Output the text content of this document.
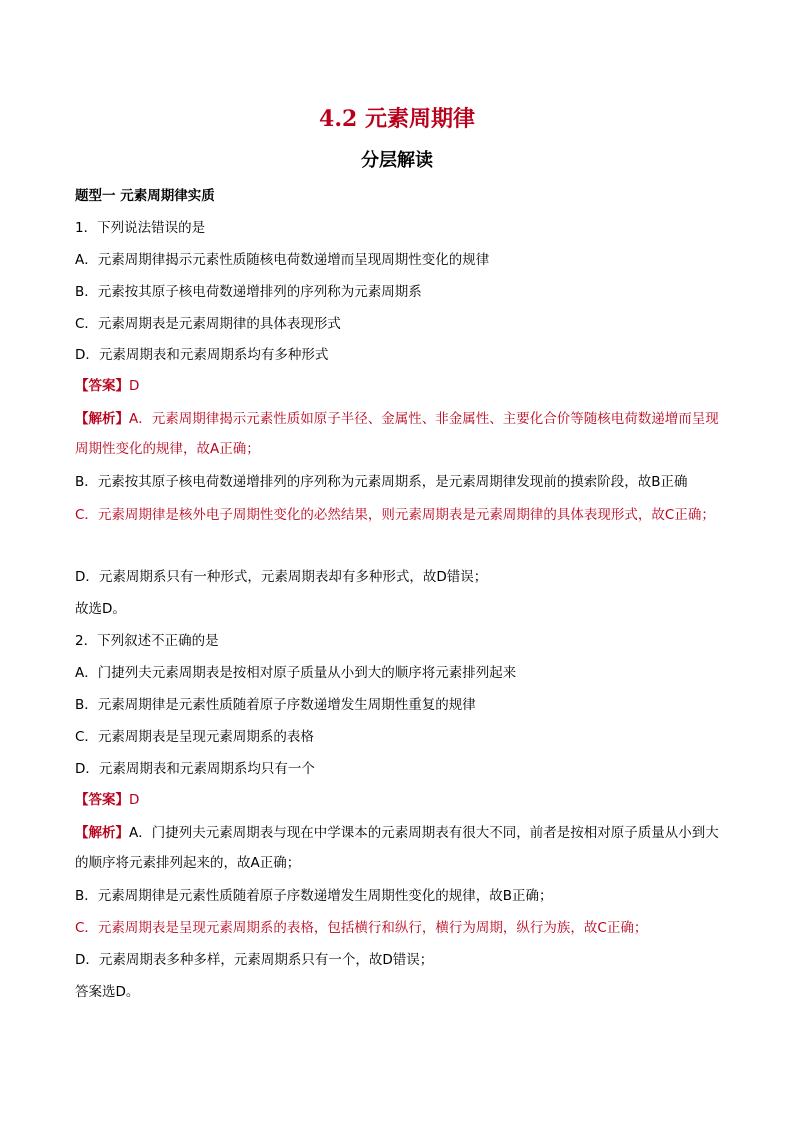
4.2 元素周期律
分层解读
题型一 元素周期律实质
1．下列说法错误的是
A．元素周期律揭示元素性质随核电荷数递增而呈现周期性变化的规律
B．元素按其原子核电荷数递增排列的序列称为元素周期系
C．元素周期表是元素周期律的具体表现形式
D．元素周期表和元素周期系均有多种形式
【答案】D
【解析】A．元素周期律揭示元素性质如原子半径、金属性、非金属性、主要化合价等随核电荷数递增而呈现周期性变化的规律，故A正确；
B．元素按其原子核电荷数递增排列的序列称为元素周期系，是元素周期律发现前的摸索阶段，故B正确
C．元素周期律是核外电子周期性变化的必然结果，则元素周期表是元素周期律的具体表现形式，故C正确；
D．元素周期系只有一种形式，元素周期表却有多种形式，故D错误；
故选D。
2．下列叙述不正确的是
A．门捷列夫元素周期表是按相对原子质量从小到大的顺序将元素排列起来
B．元素周期律是元素性质随着原子序数递增发生周期性重复的规律
C．元素周期表是呈现元素周期系的表格
D．元素周期表和元素周期系均只有一个
【答案】D
【解析】A．门捷列夫元素周期表与现在中学课本的元素周期表有很大不同，前者是按相对原子质量从小到大的顺序将元素排列起来的，故A正确；
B．元素周期律是元素性质随着原子序数递增发生周期性变化的规律，故B正确；
C．元素周期表是呈现元素周期系的表格，包括横行和纵行，横行为周期，纵行为族，故C正确；
D．元素周期表多种多样，元素周期系只有一个，故D错误；
答案选D。
